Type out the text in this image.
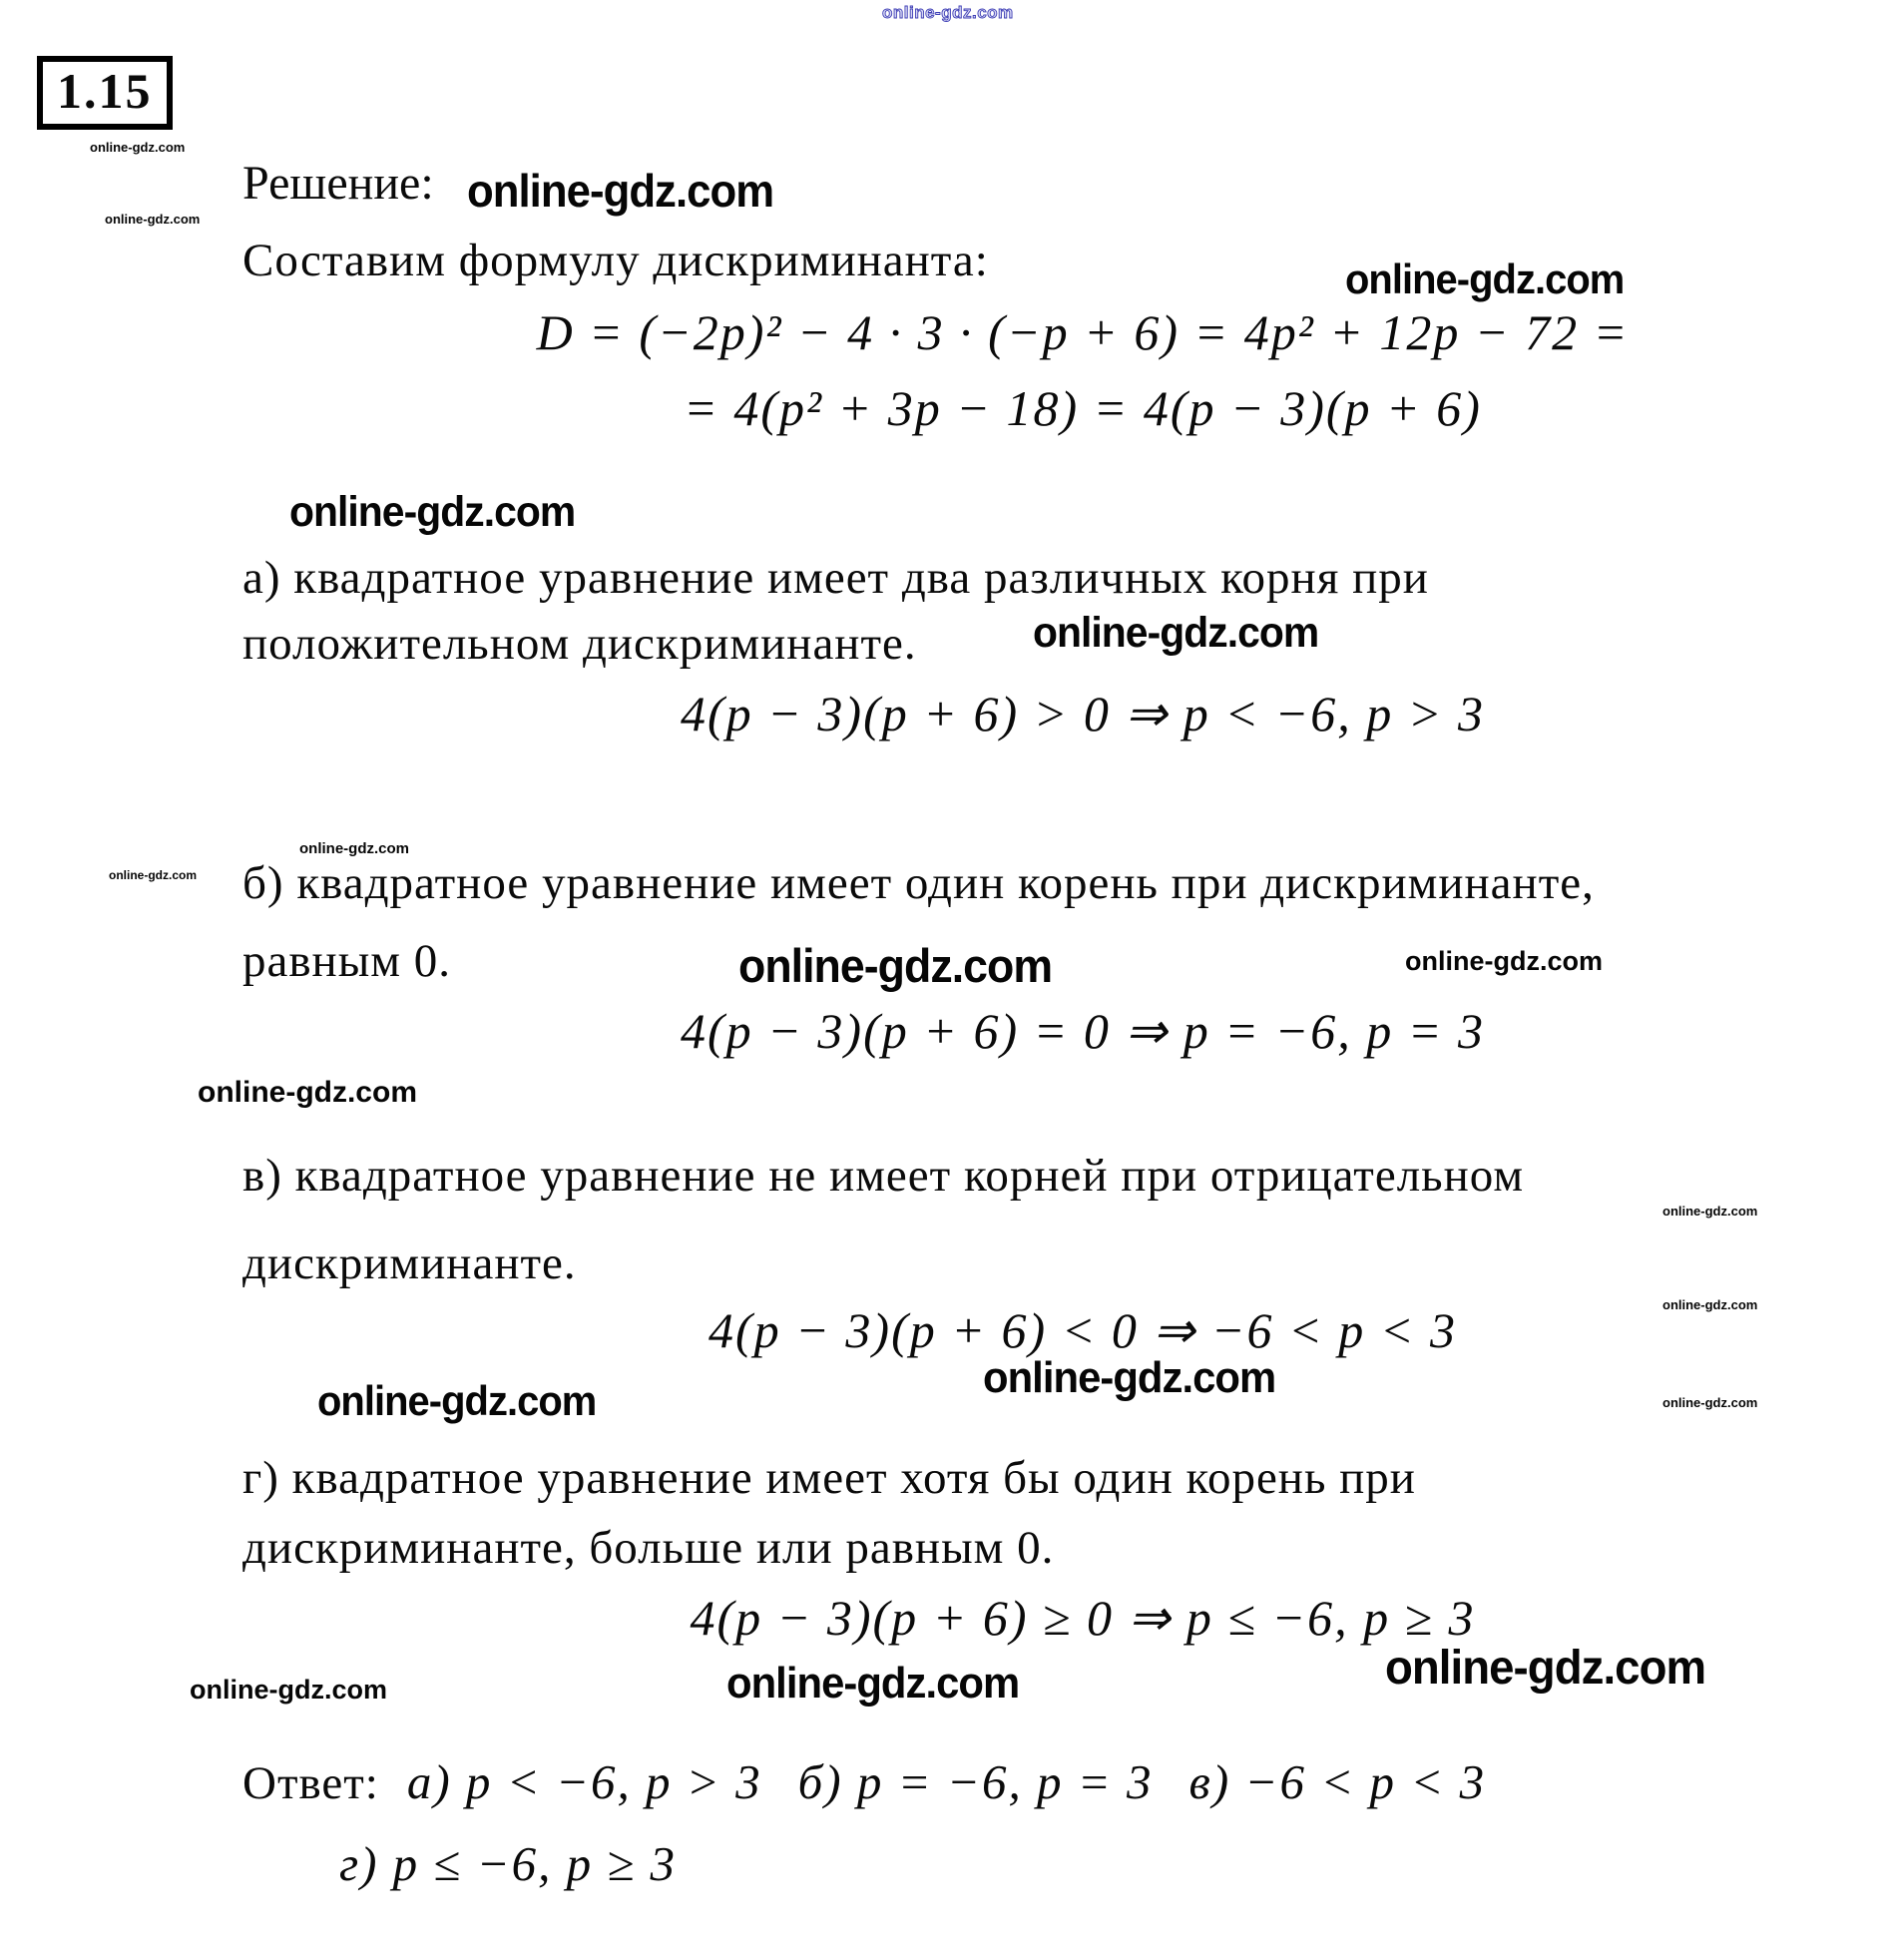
online-gdz.com
1.15
online-gdz.com
online-gdz.com
Решение: online-gdz.com
Составим формулу дискриминанта:	online-gdz.com
D = (−2p)² − 4 · 3 · (−p + 6) = 4p² + 12p − 72 =
= 4(p² + 3p − 18) = 4(p − 3)(p + 6)
online-gdz.com
а) квадратное уравнение имеет два различных корня при
положительном дискриминанте.	online-gdz.com
4(p − 3)(p + 6) > 0 ⇒ p < −6, p > 3
online-gdz.com
online-gdz.com
б) квадратное уравнение имеет один корень при дискриминанте,
равным 0.	online-gdz.com	online-gdz.com
4(p − 3)(p + 6) = 0 ⇒ p = −6, p = 3
online-gdz.com
в) квадратное уравнение не имеет корней при отрицательном
online-gdz.com
дискриминанте.
online-gdz.com
4(p − 3)(p + 6) < 0 ⇒ −6 < p < 3
online-gdz.com
online-gdz.com	online-gdz.com
г) квадратное уравнение имеет хотя бы один корень при
дискриминанте, больше или равным 0.
4(p − 3)(p + 6) ≥ 0 ⇒ p ≤ −6, p ≥ 3
online-gdz.com	online-gdz.com	online-gdz.com
Ответ: а) p < −6, p > 3 б) p = −6, p = 3 в) −6 < p < 3
г) p ≤ −6, p ≥ 3
